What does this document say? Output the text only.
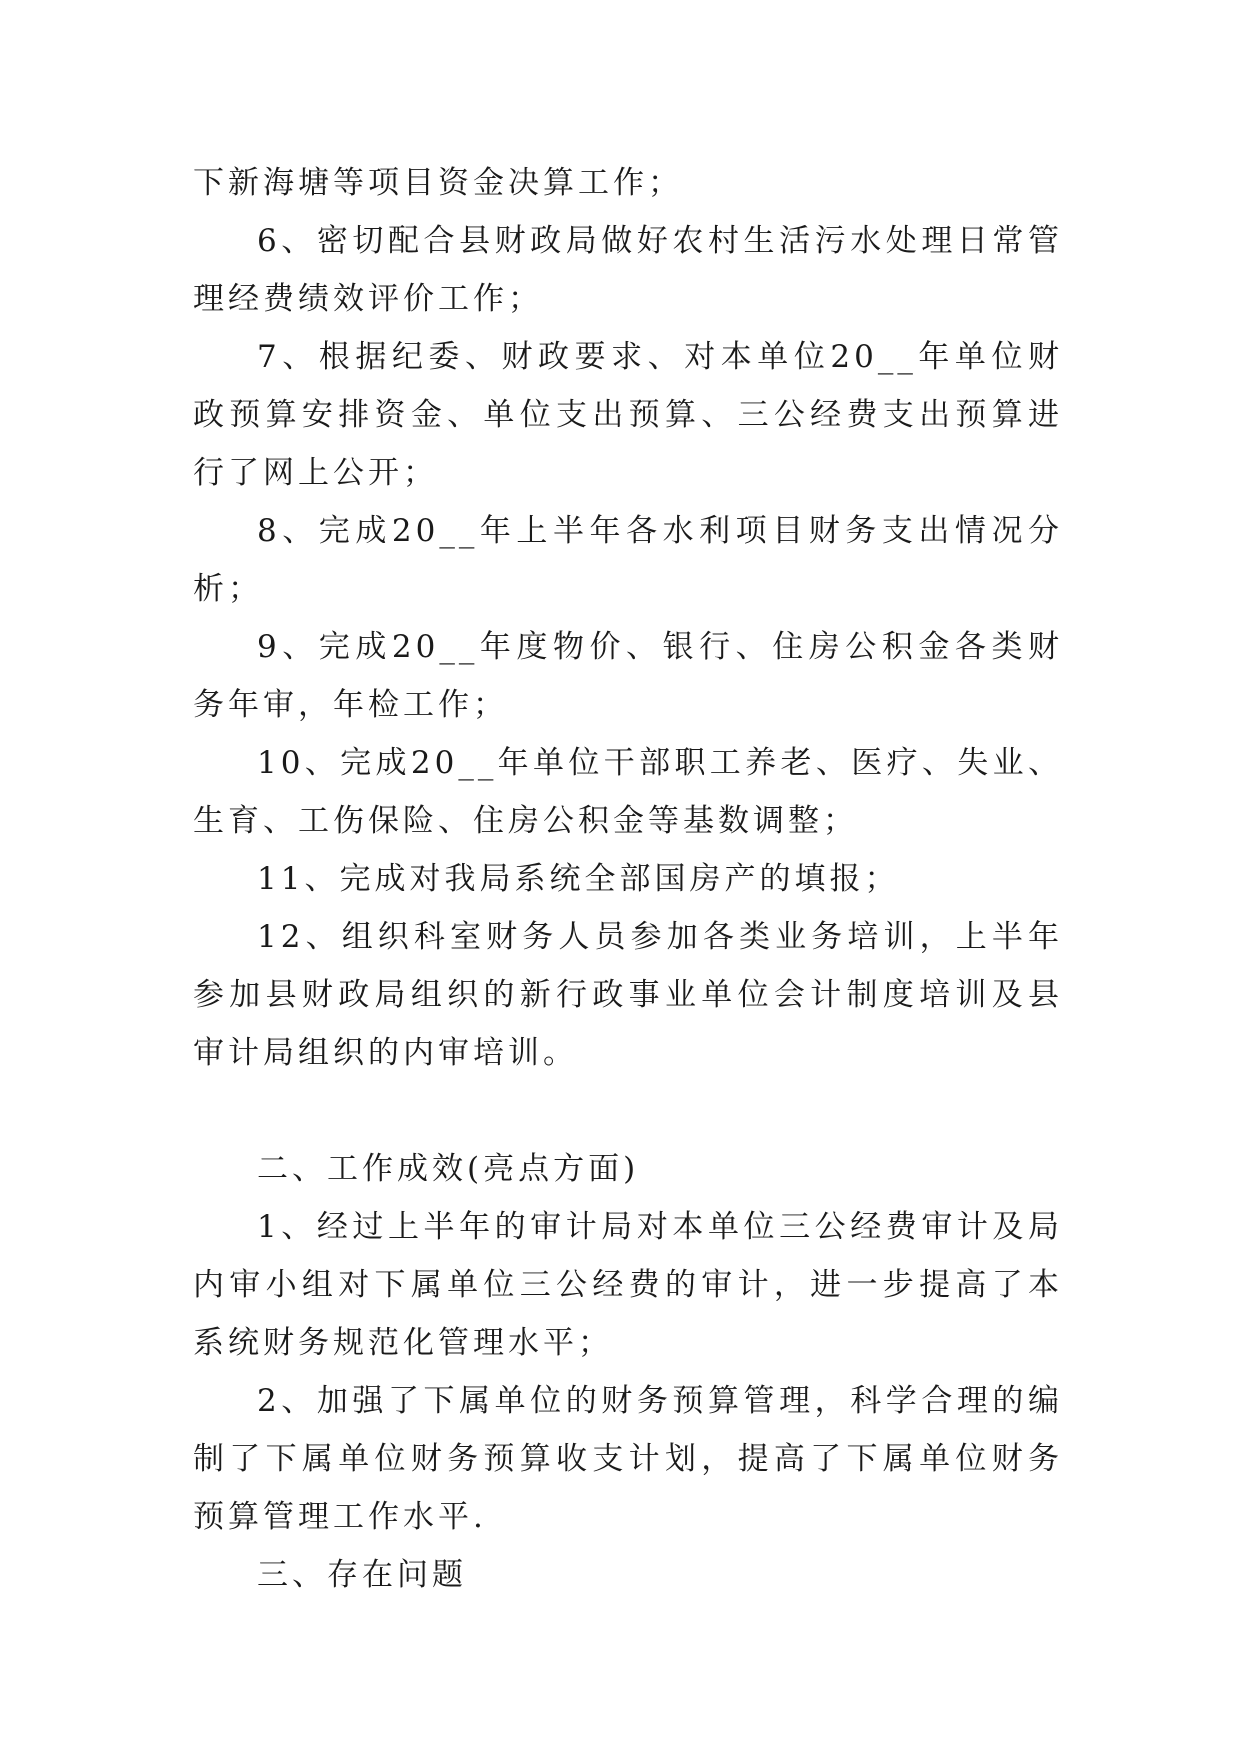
下新海塘等项目资金决算工作；

6、密切配合县财政局做好农村生活污水处理日常管理经费绩效评价工作；

7、根据纪委、财政要求、对本单位20__年单位财政预算安排资金、单位支出预算、三公经费支出预算进行了网上公开；

8、完成20__年上半年各水利项目财务支出情况分析；

9、完成20__年度物价、银行、住房公积金各类财务年审，年检工作；

10、完成20__年单位干部职工养老、医疗、失业、生育、工伤保险、住房公积金等基数调整；

11、完成对我局系统全部国房产的填报；

12、组织科室财务人员参加各类业务培训，上半年参加县财政局组织的新行政事业单位会计制度培训及县审计局组织的内审培训。

二、工作成效(亮点方面)

1、经过上半年的审计局对本单位三公经费审计及局内审小组对下属单位三公经费的审计，进一步提高了本系统财务规范化管理水平；

2、加强了下属单位的财务预算管理，科学合理的编制了下属单位财务预算收支计划，提高了下属单位财务预算管理工作水平.

三、存在问题
